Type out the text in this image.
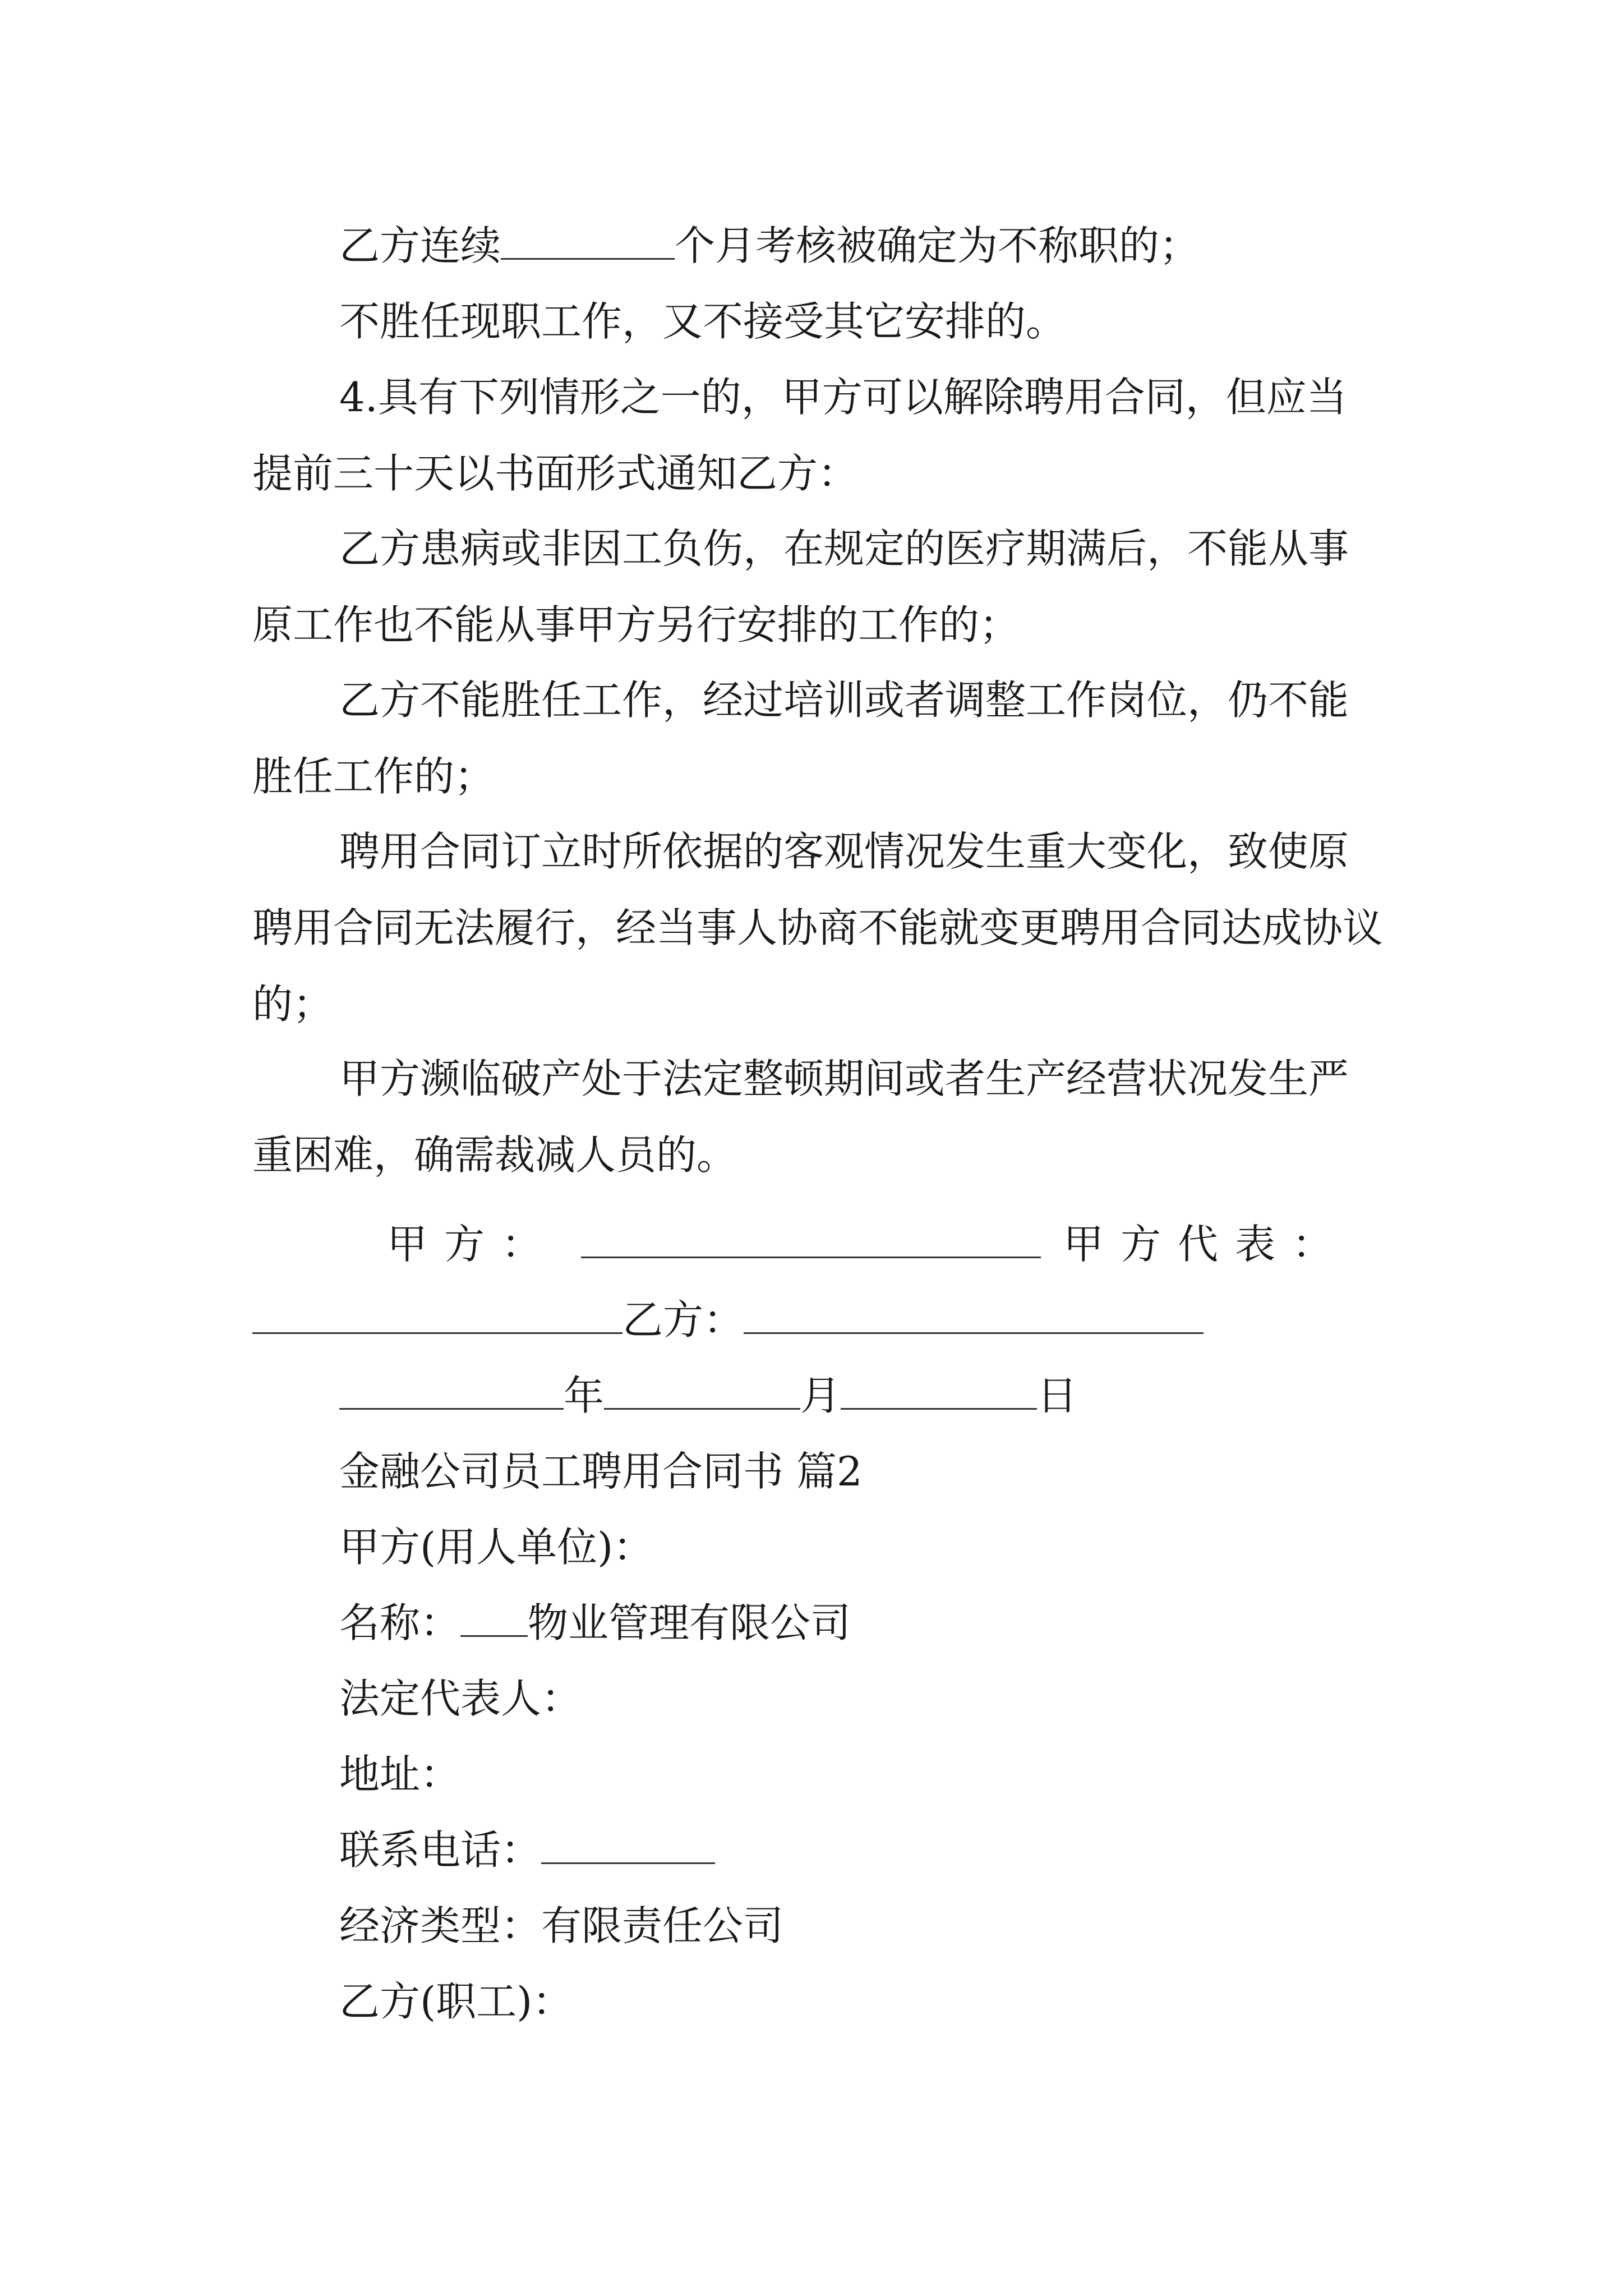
乙方连续	个月考核被确定为不称职的；

不胜任现职工作，又不接受其它安排的。

4.具有下列情形之一的，甲方可以解除聘用合同，但应当提前三十天以书面形式通知乙方：

乙方患病或非因工负伤，在规定的医疗期满后，不能从事原工作也不能从事甲方另行安排的工作的；

乙方不能胜任工作，经过培训或者调整工作岗位，仍不能胜任工作的；

聘用合同订立时所依据的客观情况发生重大变化，致使原聘用合同无法履行，经当事人协商不能就变更聘用合同达成协议的；

甲方濒临破产处于法定整顿期间或者生产经营状况发生严重困难，确需裁减人员的。

甲方：	甲方代表：

乙方：

年	月	日

金融公司员工聘用合同书 篇2

甲方(用人单位)：

名称： 物业管理有限公司

法定代表人：

地址：

联系电话：

经济类型：有限责任公司

乙方(职工)：
